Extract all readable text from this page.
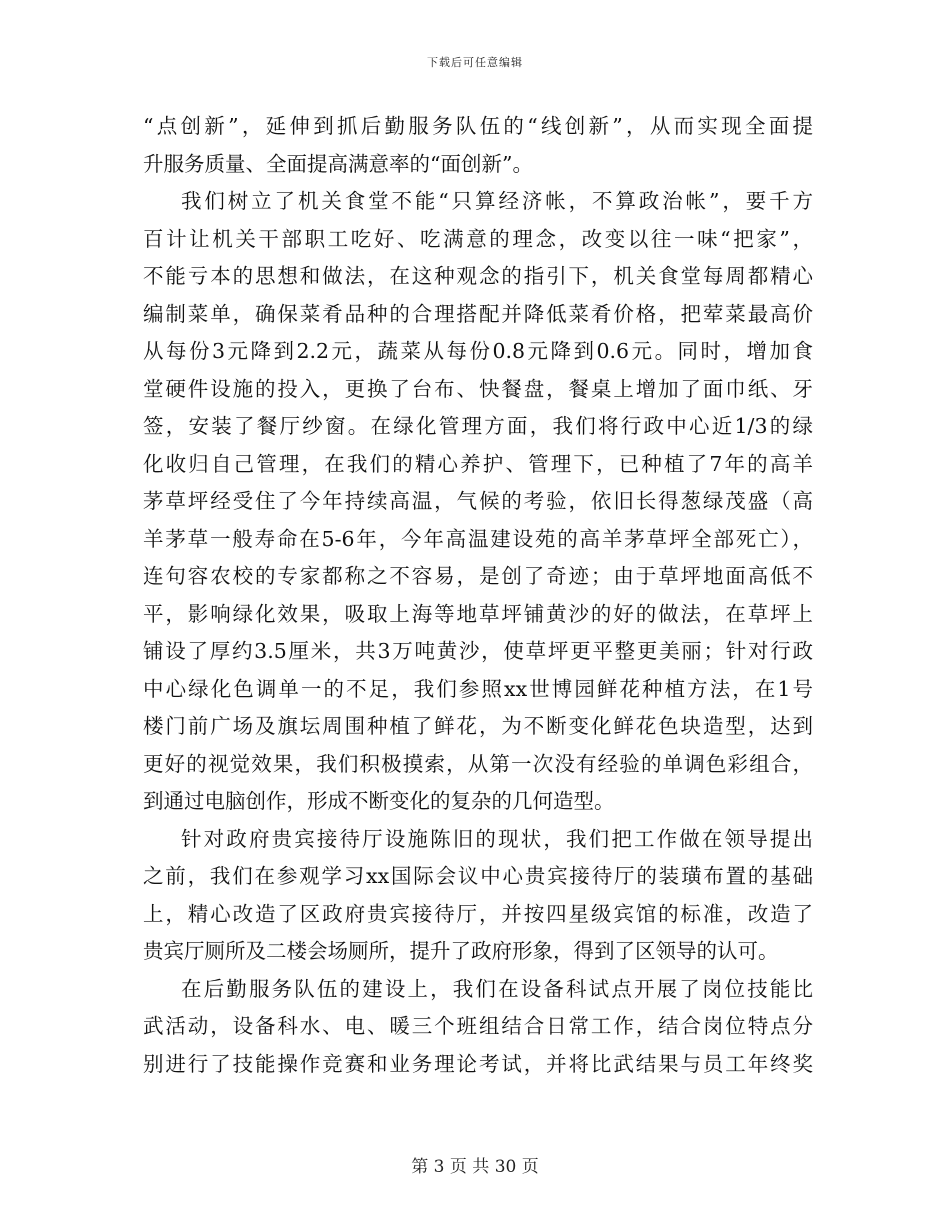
下载后可任意编辑
“点创新”，延伸到抓后勤服务队伍的“线创新”，从而实现全面提
升服务质量、全面提高满意率的“面创新”。
我们树立了机关食堂不能“只算经济帐，不算政治帐”，要千方
百计让机关干部职工吃好、吃满意的理念，改变以往一味“把家”，
不能亏本的思想和做法，在这种观念的指引下，机关食堂每周都精心
编制菜单，确保菜肴品种的合理搭配并降低菜肴价格，把荤菜最高价
从每份3元降到2.2元，蔬菜从每份0.8元降到0.6元。同时，增加食
堂硬件设施的投入，更换了台布、快餐盘，餐桌上增加了面巾纸、牙
签，安装了餐厅纱窗。在绿化管理方面，我们将行政中心近1/3的绿
化收归自己管理，在我们的精心养护、管理下，已种植了7年的高羊
茅草坪经受住了今年持续高温，气候的考验，依旧长得葱绿茂盛（高
羊茅草一般寿命在5-6年，今年高温建设苑的高羊茅草坪全部死亡），
连句容农校的专家都称之不容易，是创了奇迹；由于草坪地面高低不
平，影响绿化效果，吸取上海等地草坪铺黄沙的好的做法，在草坪上
铺设了厚约3.5厘米，共3万吨黄沙，使草坪更平整更美丽；针对行政
中心绿化色调单一的不足，我们参照xx世博园鲜花种植方法，在1号
楼门前广场及旗坛周围种植了鲜花，为不断变化鲜花色块造型，达到
更好的视觉效果，我们积极摸索，从第一次没有经验的单调色彩组合，
到通过电脑创作，形成不断变化的复杂的几何造型。
针对政府贵宾接待厅设施陈旧的现状，我们把工作做在领导提出
之前，我们在参观学习xx国际会议中心贵宾接待厅的装璜布置的基础
上，精心改造了区政府贵宾接待厅，并按四星级宾馆的标准，改造了
贵宾厅厕所及二楼会场厕所，提升了政府形象，得到了区领导的认可。
在后勤服务队伍的建设上，我们在设备科试点开展了岗位技能比
武活动，设备科水、电、暖三个班组结合日常工作，结合岗位特点分
别进行了技能操作竞赛和业务理论考试，并将比武结果与员工年终奖
第 3 页 共 30 页
